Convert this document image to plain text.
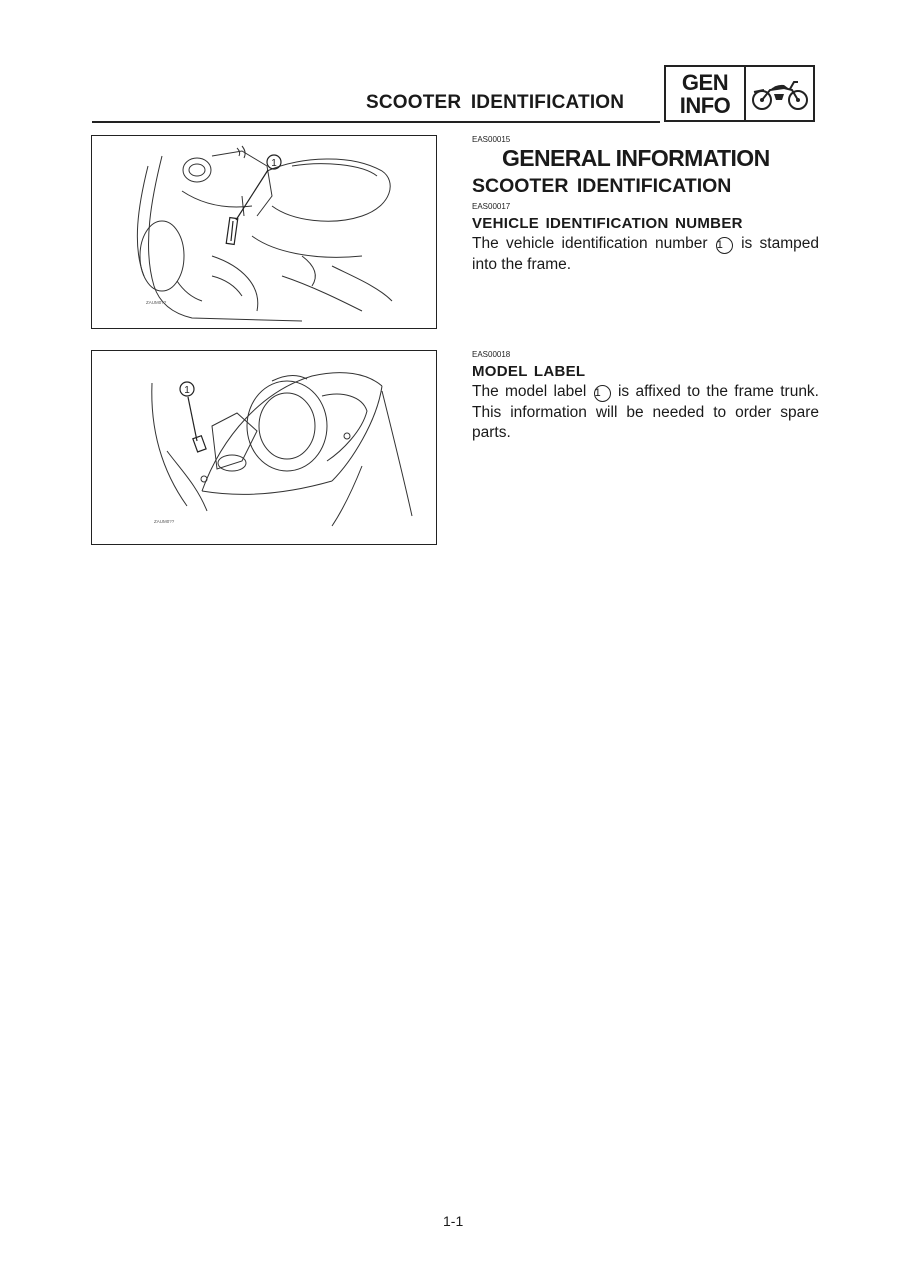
SCOOTER IDENTIFICATION
GEN
INFO
1
ZAUM0??
1
ZAUM0??
EAS00015
GENERAL INFORMATION
SCOOTER IDENTIFICATION
EAS00017
VEHICLE IDENTIFICATION NUMBER
The vehicle identification number 1 is stamped into the frame.
EAS00018
MODEL LABEL
The model label 1 is affixed to the frame trunk. This information will be needed to order spare parts.
1-1
